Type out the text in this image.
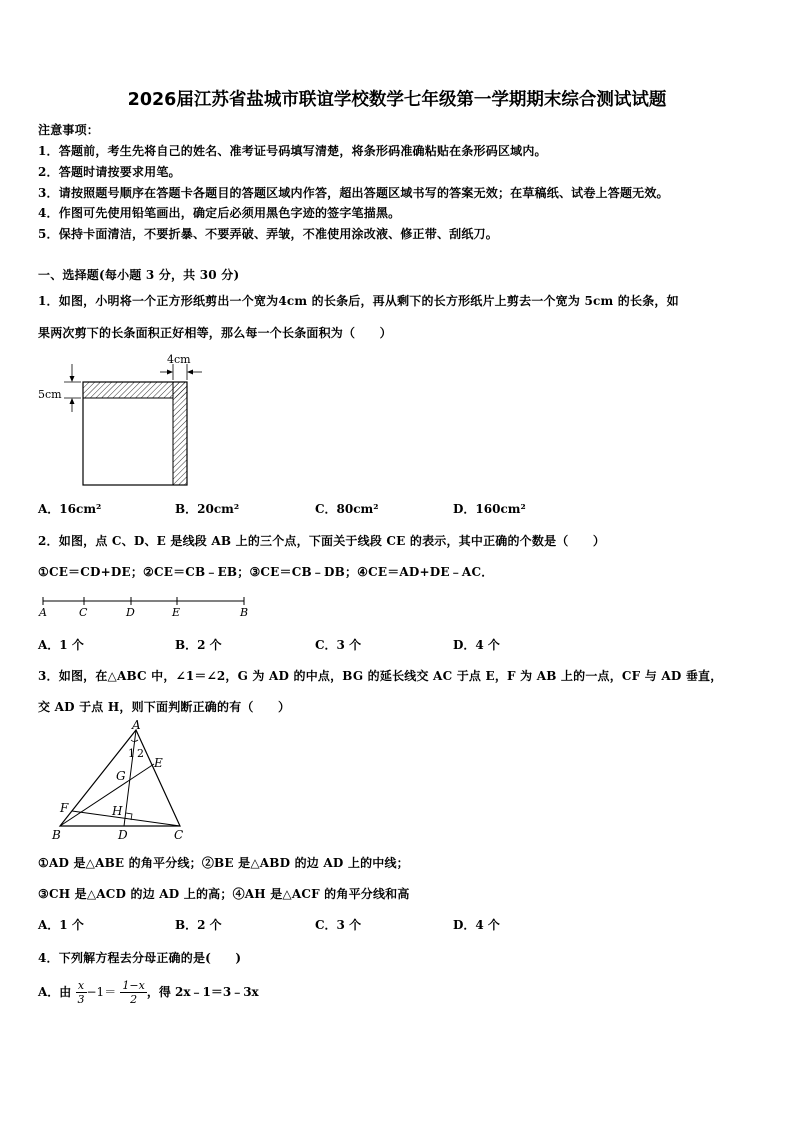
2026届江苏省盐城市联谊学校数学七年级第一学期期末综合测试试题
注意事项：
1．答题前，考生先将自己的姓名、准考证号码填写清楚，将条形码准确粘贴在条形码区域内。
2．答题时请按要求用笔。
3．请按照题号顺序在答题卡各题目的答题区域内作答，超出答题区域书写的答案无效；在草稿纸、试卷上答题无效。
4．作图可先使用铅笔画出，确定后必须用黑色字迹的签字笔描黑。
5．保持卡面清洁，不要折暴、不要弄破、弄皱，不准使用涂改液、修正带、刮纸刀。
一、选择题(每小题 3 分，共 30 分)
1．如图，小明将一个正方形纸剪出一个宽为4cm 的长条后，再从剩下的长方形纸片上剪去一个宽为 5cm 的长条，如
果两次剪下的长条面积正好相等，那么每一个长条面积为（　　）
4cm
5cm
A．16cm²	B．20cm²	C．80cm²	D．160cm²
2．如图，点 C、D、E 是线段 AB 上的三个点，下面关于线段 CE 的表示，其中正确的个数是（　　）
①CE＝CD+DE；②CE＝CB﹣EB；③CE＝CB﹣DB；④CE＝AD+DE﹣AC．
A	C	D	E	B
A．1 个	B．2 个	C．3 个	D．4 个
3．如图，在△ABC 中，∠1＝∠2，G 为 AD 的中点，BG 的延长线交 AC 于点 E，F 为 AB 上的一点，CF 与 AD 垂直，
交 AD 于点 H，则下面判断正确的有（　　）
A
1 2
E
G
F	H
B	D	C
①AD 是△ABE 的角平分线；②BE 是△ABD 的边 AD 上的中线；
③CH 是△ACD 的边 AD 上的高；④AH 是△ACF 的角平分线和高
A．1 个	B．2 个	C．3 个	D．4 个
4．下列解方程去分母正确的是(　　)
A．由 $\frac{x}{3} -1= \frac{1-x}{2}$ ，得 2x﹣1＝3﹣3x
